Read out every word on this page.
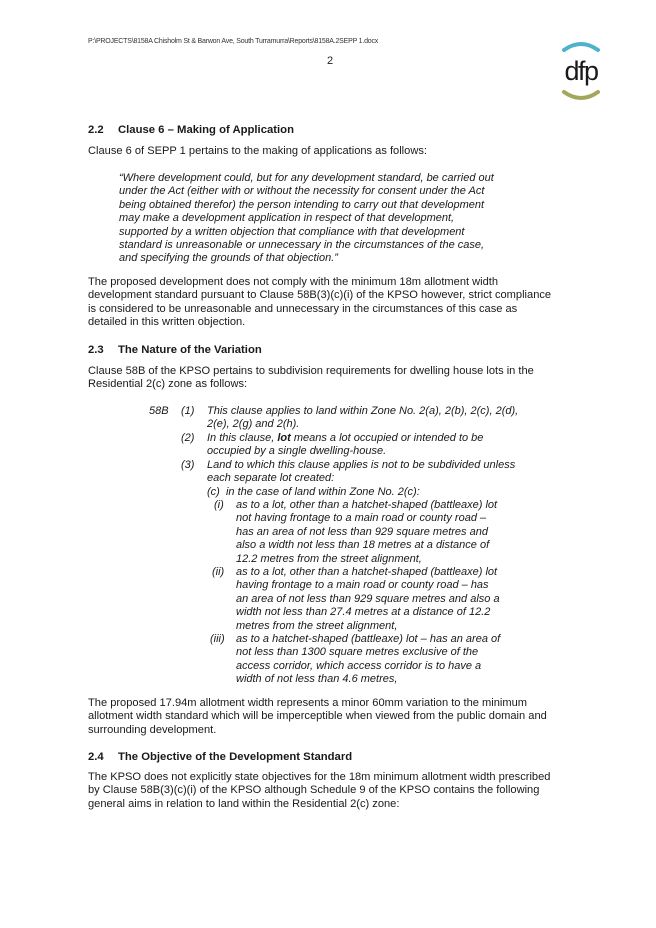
P:\PROJECTS\8158A Chisholm St & Barwon Ave, South Turramurra\Reports\8158A.2SEPP 1.docx
2	dfp
2.2 Clause 6 – Making of Application
Clause 6 of SEPP 1 pertains to the making of applications as follows:
“Where development could, but for any development standard, be carried out
under the Act (either with or without the necessity for consent under the Act
being obtained therefor) the person intending to carry out that development
may make a development application in respect of that development,
supported by a written objection that compliance with that development
standard is unreasonable or unnecessary in the circumstances of the case,
and specifying the grounds of that objection.”
The proposed development does not comply with the minimum 18m allotment width
development standard pursuant to Clause 58B(3)(c)(i) of the KPSO however, strict compliance
is considered to be unreasonable and unnecessary in the circumstances of this case as
detailed in this written objection.
2.3 The Nature of the Variation
Clause 58B of the KPSO pertains to subdivision requirements for dwelling house lots in the
Residential 2(c) zone as follows:
58B (1) This clause applies to land within Zone No. 2(a), 2(b), 2(c), 2(d),
2(e), 2(g) and 2(h).
(2) In this clause, lot means a lot occupied or intended to be
occupied by a single dwelling-house.
(3) Land to which this clause applies is not to be subdivided unless
each separate lot created:
(c) in the case of land within Zone No. 2(c):
(i) as to a lot, other than a hatchet-shaped (battleaxe) lot
not having frontage to a main road or county road –
has an area of not less than 929 square metres and
also a width not less than 18 metres at a distance of
12.2 metres from the street alignment,
(ii) as to a lot, other than a hatchet-shaped (battleaxe) lot
having frontage to a main road or county road – has
an area of not less than 929 square metres and also a
width not less than 27.4 metres at a distance of 12.2
metres from the street alignment,
(iii) as to a hatchet-shaped (battleaxe) lot – has an area of
not less than 1300 square metres exclusive of the
access corridor, which access corridor is to have a
width of not less than 4.6 metres,
The proposed 17.94m allotment width represents a minor 60mm variation to the minimum
allotment width standard which will be imperceptible when viewed from the public domain and
surrounding development.
2.4 The Objective of the Development Standard
The KPSO does not explicitly state objectives for the 18m minimum allotment width prescribed
by Clause 58B(3)(c)(i) of the KPSO although Schedule 9 of the KPSO contains the following
general aims in relation to land within the Residential 2(c) zone:
